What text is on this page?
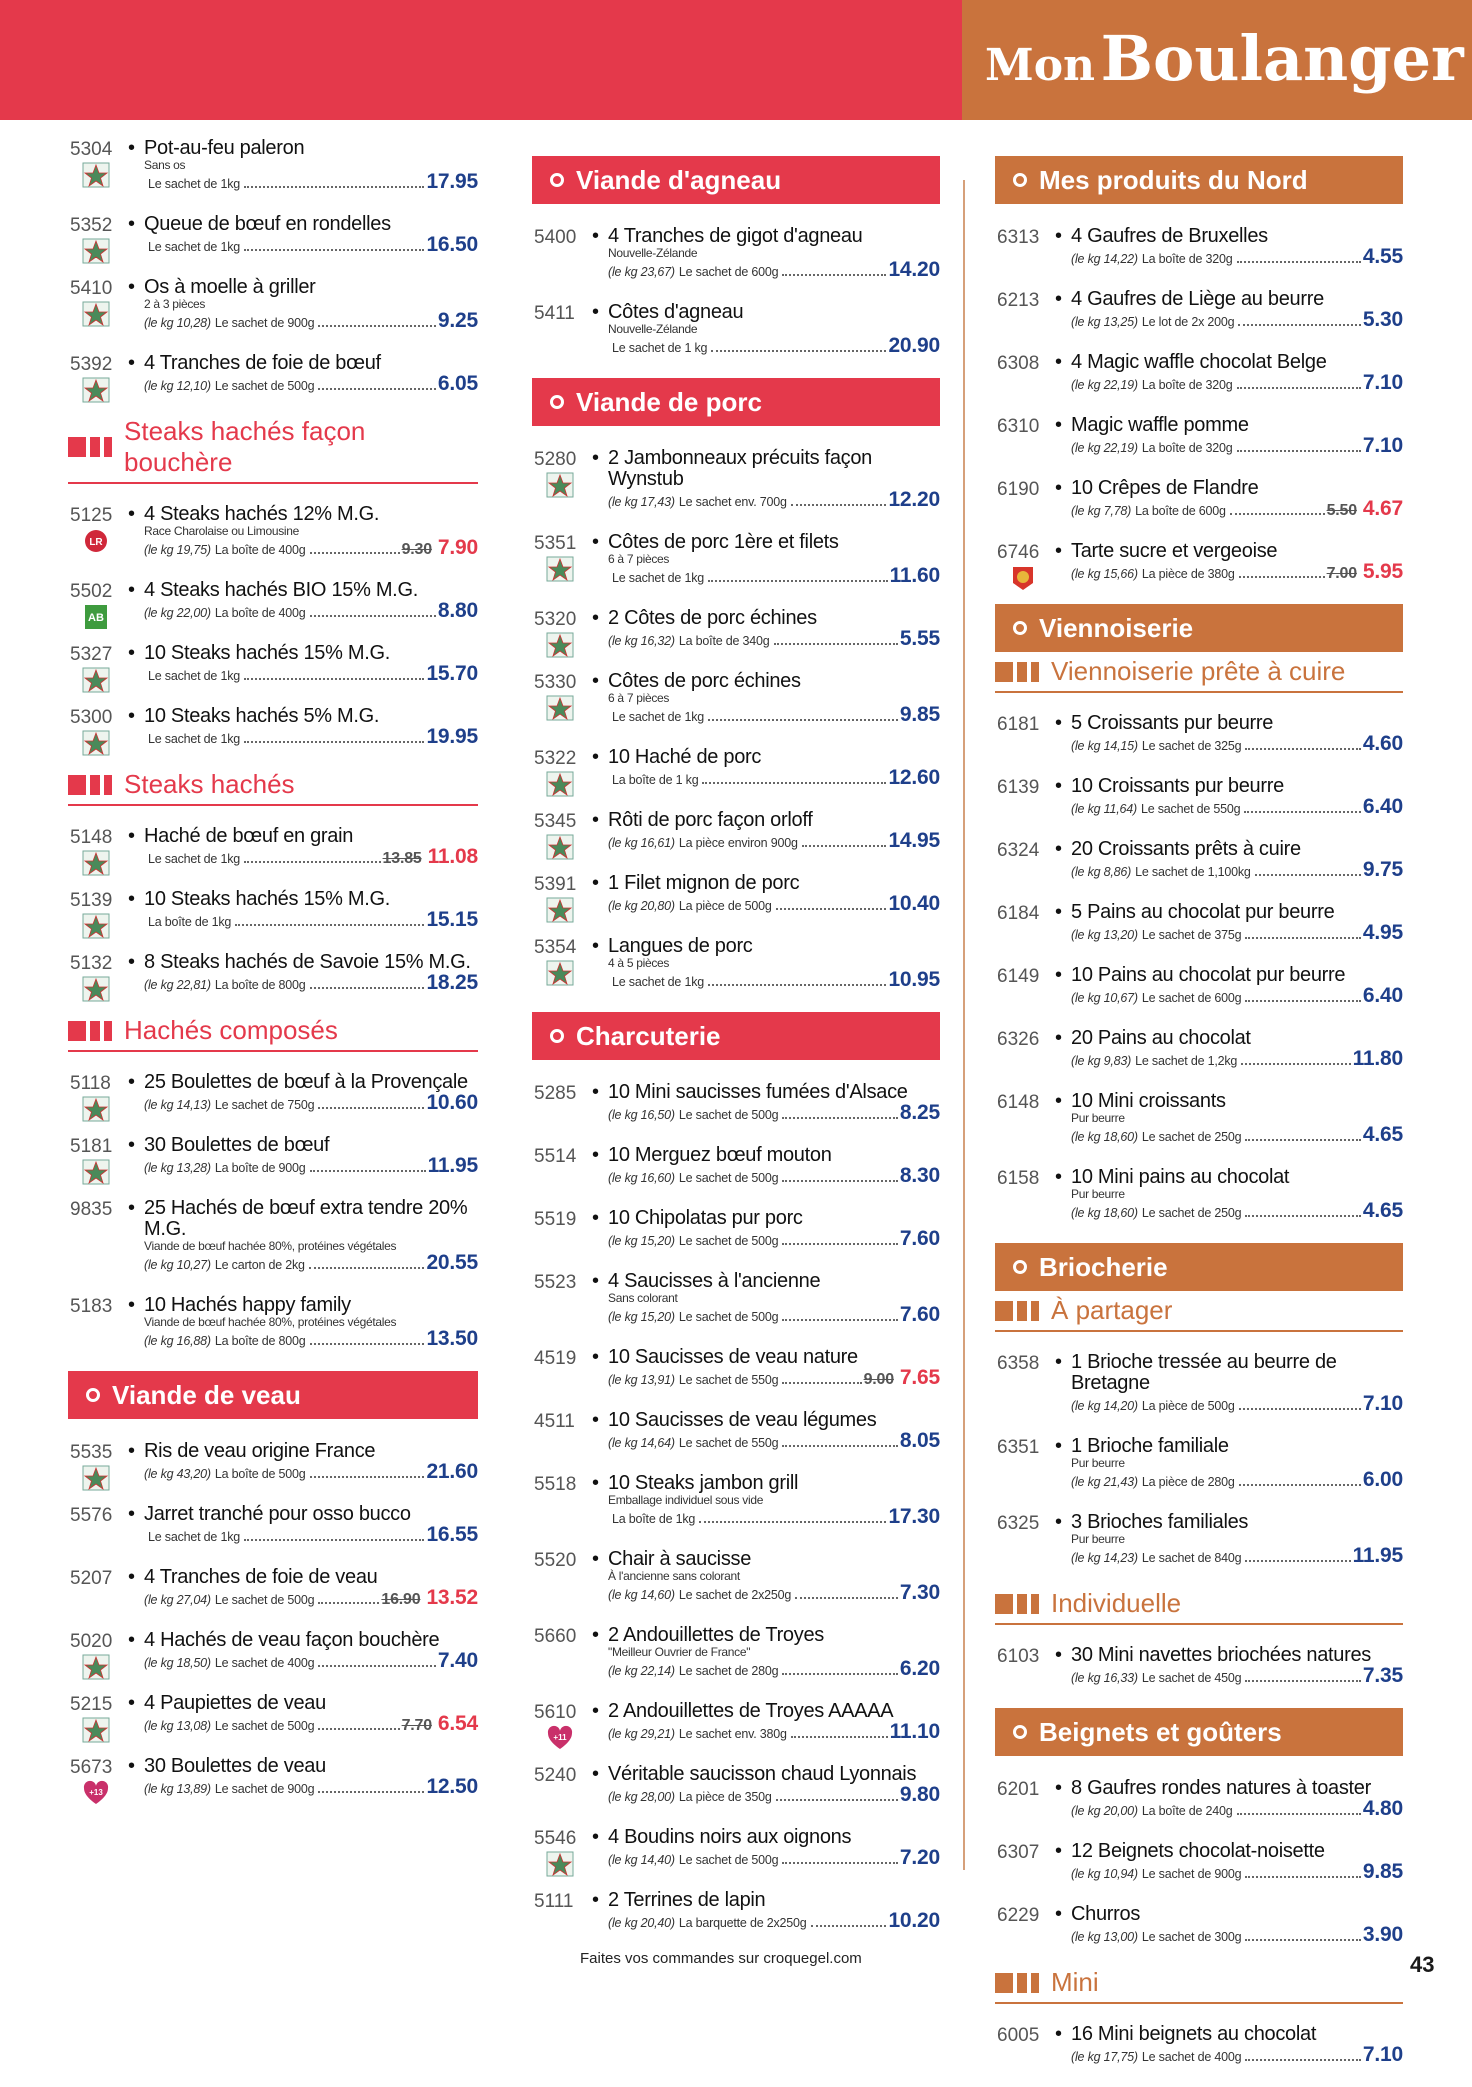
Mon Boulanger
5304 • Pot-au-feu paleron
Sans os
Le sachet de 1kg	17.95
5352 • Queue de bœuf en rondelles
Le sachet de 1kg	16.50
5410 • Os à moelle à griller
2 à 3 pièces
(le kg 10,28) Le sachet de 900g	9.25
5392 • 4 Tranches de foie de bœuf
(le kg 12,10) Le sachet de 500g	6.05
Steaks hachés façon bouchère
5125
LR
• 4 Steaks hachés 12% M.G.
Race Charolaise ou Limousine
(le kg 19,75) La boîte de 400g	9.30 7.90
5502
AB
• 4 Steaks hachés BIO 15% M.G.
(le kg 22,00) La boîte de 400g	8.80
5327 • 10 Steaks hachés 15% M.G.
Le sachet de 1kg	15.70
5300 • 10 Steaks hachés 5% M.G.
Le sachet de 1kg	19.95
Steaks hachés
5148 • Haché de bœuf en grain
Le sachet de 1kg	13.85 11.08
5139 • 10 Steaks hachés 15% M.G.
La boîte de 1kg	15.15
5132 • 8 Steaks hachés de Savoie 15% M.G.
(le kg 22,81) La boîte de 800g	18.25
Hachés composés
5118 • 25 Boulettes de bœuf à la Provençale
(le kg 14,13) Le sachet de 750g	10.60
5181 • 30 Boulettes de bœuf
(le kg 13,28) La boîte de 900g	11.95
9835 • 25 Hachés de bœuf extra tendre 20% M.G.
Viande de bœuf hachée 80%, protéines végétales
(le kg 10,27) Le carton de 2kg	20.55
5183 • 10 Hachés happy family
Viande de bœuf hachée 80%, protéines végétales
(le kg 16,88) La boîte de 800g	13.50
Viande de veau
5535 • Ris de veau origine France
(le kg 43,20) La boîte de 500g	21.60
5576 • Jarret tranché pour osso bucco
Le sachet de 1kg	16.55
5207 • 4 Tranches de foie de veau
(le kg 27,04) Le sachet de 500g	16.90 13.52
5020 • 4 Hachés de veau façon bouchère
(le kg 18,50) Le sachet de 400g	7.40
5215 • 4 Paupiettes de veau
(le kg 13,08) Le sachet de 500g	7.70 6.54
5673
+13
• 30 Boulettes de veau
(le kg 13,89) Le sachet de 900g	12.50
Viande d'agneau
5400 • 4 Tranches de gigot d'agneau
Nouvelle-Zélande
(le kg 23,67) Le sachet de 600g	14.20
5411 • Côtes d'agneau
Nouvelle-Zélande
Le sachet de 1 kg	20.90
Viande de porc
5280 • 2 Jambonneaux précuits façon Wynstub
(le kg 17,43) Le sachet env. 700g	12.20
5351 • Côtes de porc 1ère et filets
6 à 7 pièces
Le sachet de 1kg	11.60
5320 • 2 Côtes de porc échines
(le kg 16,32) La boîte de 340g	5.55
5330 • Côtes de porc échines
6 à 7 pièces
Le sachet de 1kg	9.85
5322 • 10 Haché de porc
La boîte de 1 kg	12.60
5345 • Rôti de porc façon orloff
(le kg 16,61) La pièce environ 900g	14.95
5391 • 1 Filet mignon de porc
(le kg 20,80) La pièce de 500g	10.40
5354 • Langues de porc
4 à 5 pièces
Le sachet de 1kg	10.95
Charcuterie
5285 • 10 Mini saucisses fumées d'Alsace
(le kg 16,50) Le sachet de 500g	8.25
5514 • 10 Merguez bœuf mouton
(le kg 16,60) Le sachet de 500g	8.30
5519 • 10 Chipolatas pur porc
(le kg 15,20) Le sachet de 500g	7.60
5523 • 4 Saucisses à l'ancienne
Sans colorant
(le kg 15,20) Le sachet de 500g	7.60
4519 • 10 Saucisses de veau nature
(le kg 13,91) Le sachet de 550g	9.00 7.65
4511 • 10 Saucisses de veau légumes
(le kg 14,64) Le sachet de 550g	8.05
5518 • 10 Steaks jambon grill
Emballage individuel sous vide
La boîte de 1kg	17.30
5520 • Chair à saucisse
À l'ancienne sans colorant
(le kg 14,60) Le sachet de 2x250g	7.30
5660 • 2 Andouillettes de Troyes
"Meilleur Ouvrier de France"
(le kg 22,14) Le sachet de 280g	6.20
5610
+11
• 2 Andouillettes de Troyes AAAAA
(le kg 29,21) Le sachet env. 380g	11.10
5240 • Véritable saucisson chaud Lyonnais
(le kg 28,00) La pièce de 350g	9.80
5546 • 4 Boudins noirs aux oignons
(le kg 14,40) Le sachet de 500g	7.20
5111 • 2 Terrines de lapin
(le kg 20,40) La barquette de 2x250g	10.20
Mes produits du Nord
6313 • 4 Gaufres de Bruxelles
(le kg 14,22) La boîte de 320g	4.55
6213 • 4 Gaufres de Liège au beurre
(le kg 13,25) Le lot de 2x 200g	5.30
6308 • 4 Magic waffle chocolat Belge
(le kg 22,19) La boîte de 320g	7.10
6310 • Magic waffle pomme
(le kg 22,19) La boîte de 320g	7.10
6190 • 10 Crêpes de Flandre
(le kg 7,78) La boîte de 600g	5.50 4.67
6746 • Tarte sucre et vergeoise
(le kg 15,66) La pièce de 380g	7.00 5.95
Viennoiserie
Viennoiserie prête à cuire
6181 • 5 Croissants pur beurre
(le kg 14,15) Le sachet de 325g	4.60
6139 • 10 Croissants pur beurre
(le kg 11,64) Le sachet de 550g	6.40
6324 • 20 Croissants prêts à cuire
(le kg 8,86) Le sachet de 1,100kg	9.75
6184 • 5 Pains au chocolat pur beurre
(le kg 13,20) Le sachet de 375g	4.95
6149 • 10 Pains au chocolat pur beurre
(le kg 10,67) Le sachet de 600g	6.40
6326 • 20 Pains au chocolat
(le kg 9,83) Le sachet de 1,2kg	11.80
6148 • 10 Mini croissants
Pur beurre
(le kg 18,60) Le sachet de 250g	4.65
6158 • 10 Mini pains au chocolat
Pur beurre
(le kg 18,60) Le sachet de 250g	4.65
Briocherie
À partager
6358 • 1 Brioche tressée au beurre de Bretagne
(le kg 14,20) La pièce de 500g	7.10
6351 • 1 Brioche familiale
Pur beurre
(le kg 21,43) La pièce de 280g	6.00
6325 • 3 Brioches familiales
Pur beurre
(le kg 14,23) Le sachet de 840g	11.95
Individuelle
6103 • 30 Mini navettes briochées natures
(le kg 16,33) Le sachet de 450g	7.35
Beignets et goûters
6201 • 8 Gaufres rondes natures à toaster
(le kg 20,00) La boîte de 240g	4.80
6307 • 12 Beignets chocolat-noisette
(le kg 10,94) Le sachet de 900g	9.85
6229 • Churros
(le kg 13,00) Le sachet de 300g	3.90
Mini
6005 • 16 Mini beignets au chocolat
(le kg 17,75) Le sachet de 400g	7.10
Faites vos commandes sur croquegel.com	43
